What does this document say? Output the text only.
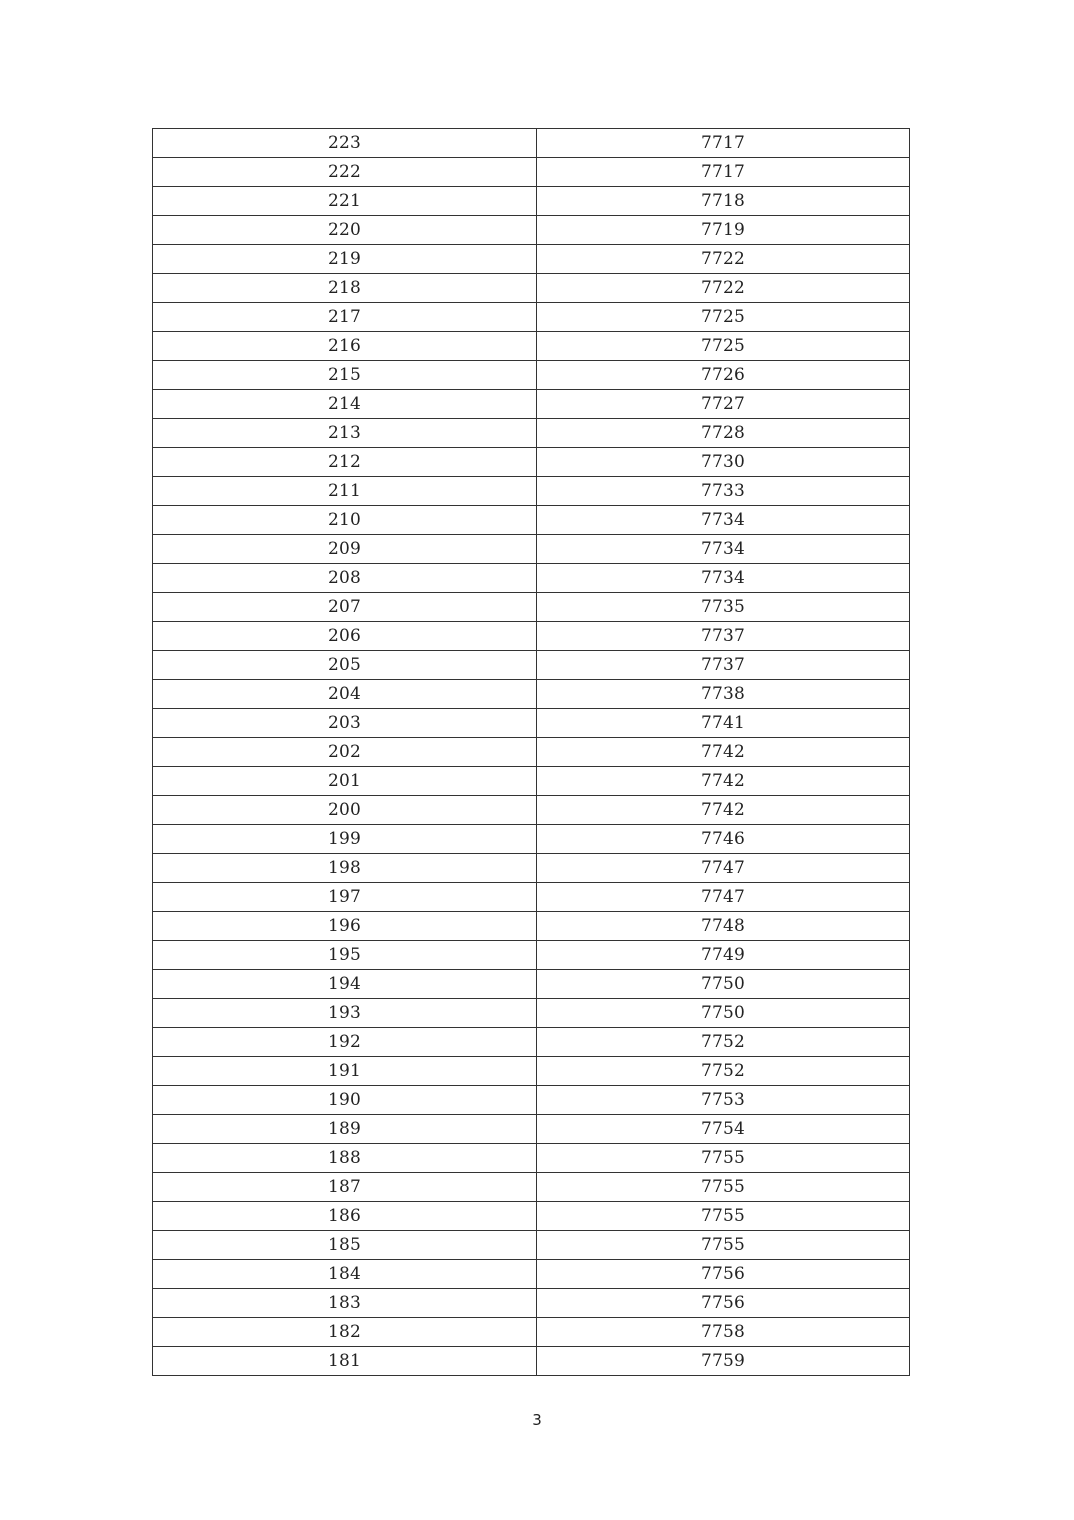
223	7717
222	7717
221	7718
220	7719
219	7722
218	7722
217	7725
216	7725
215	7726
214	7727
213	7728
212	7730
211	7733
210	7734
209	7734
208	7734
207	7735
206	7737
205	7737
204	7738
203	7741
202	7742
201	7742
200	7742
199	7746
198	7747
197	7747
196	7748
195	7749
194	7750
193	7750
192	7752
191	7752
190	7753
189	7754
188	7755
187	7755
186	7755
185	7755
184	7756
183	7756
182	7758
181	7759
3
